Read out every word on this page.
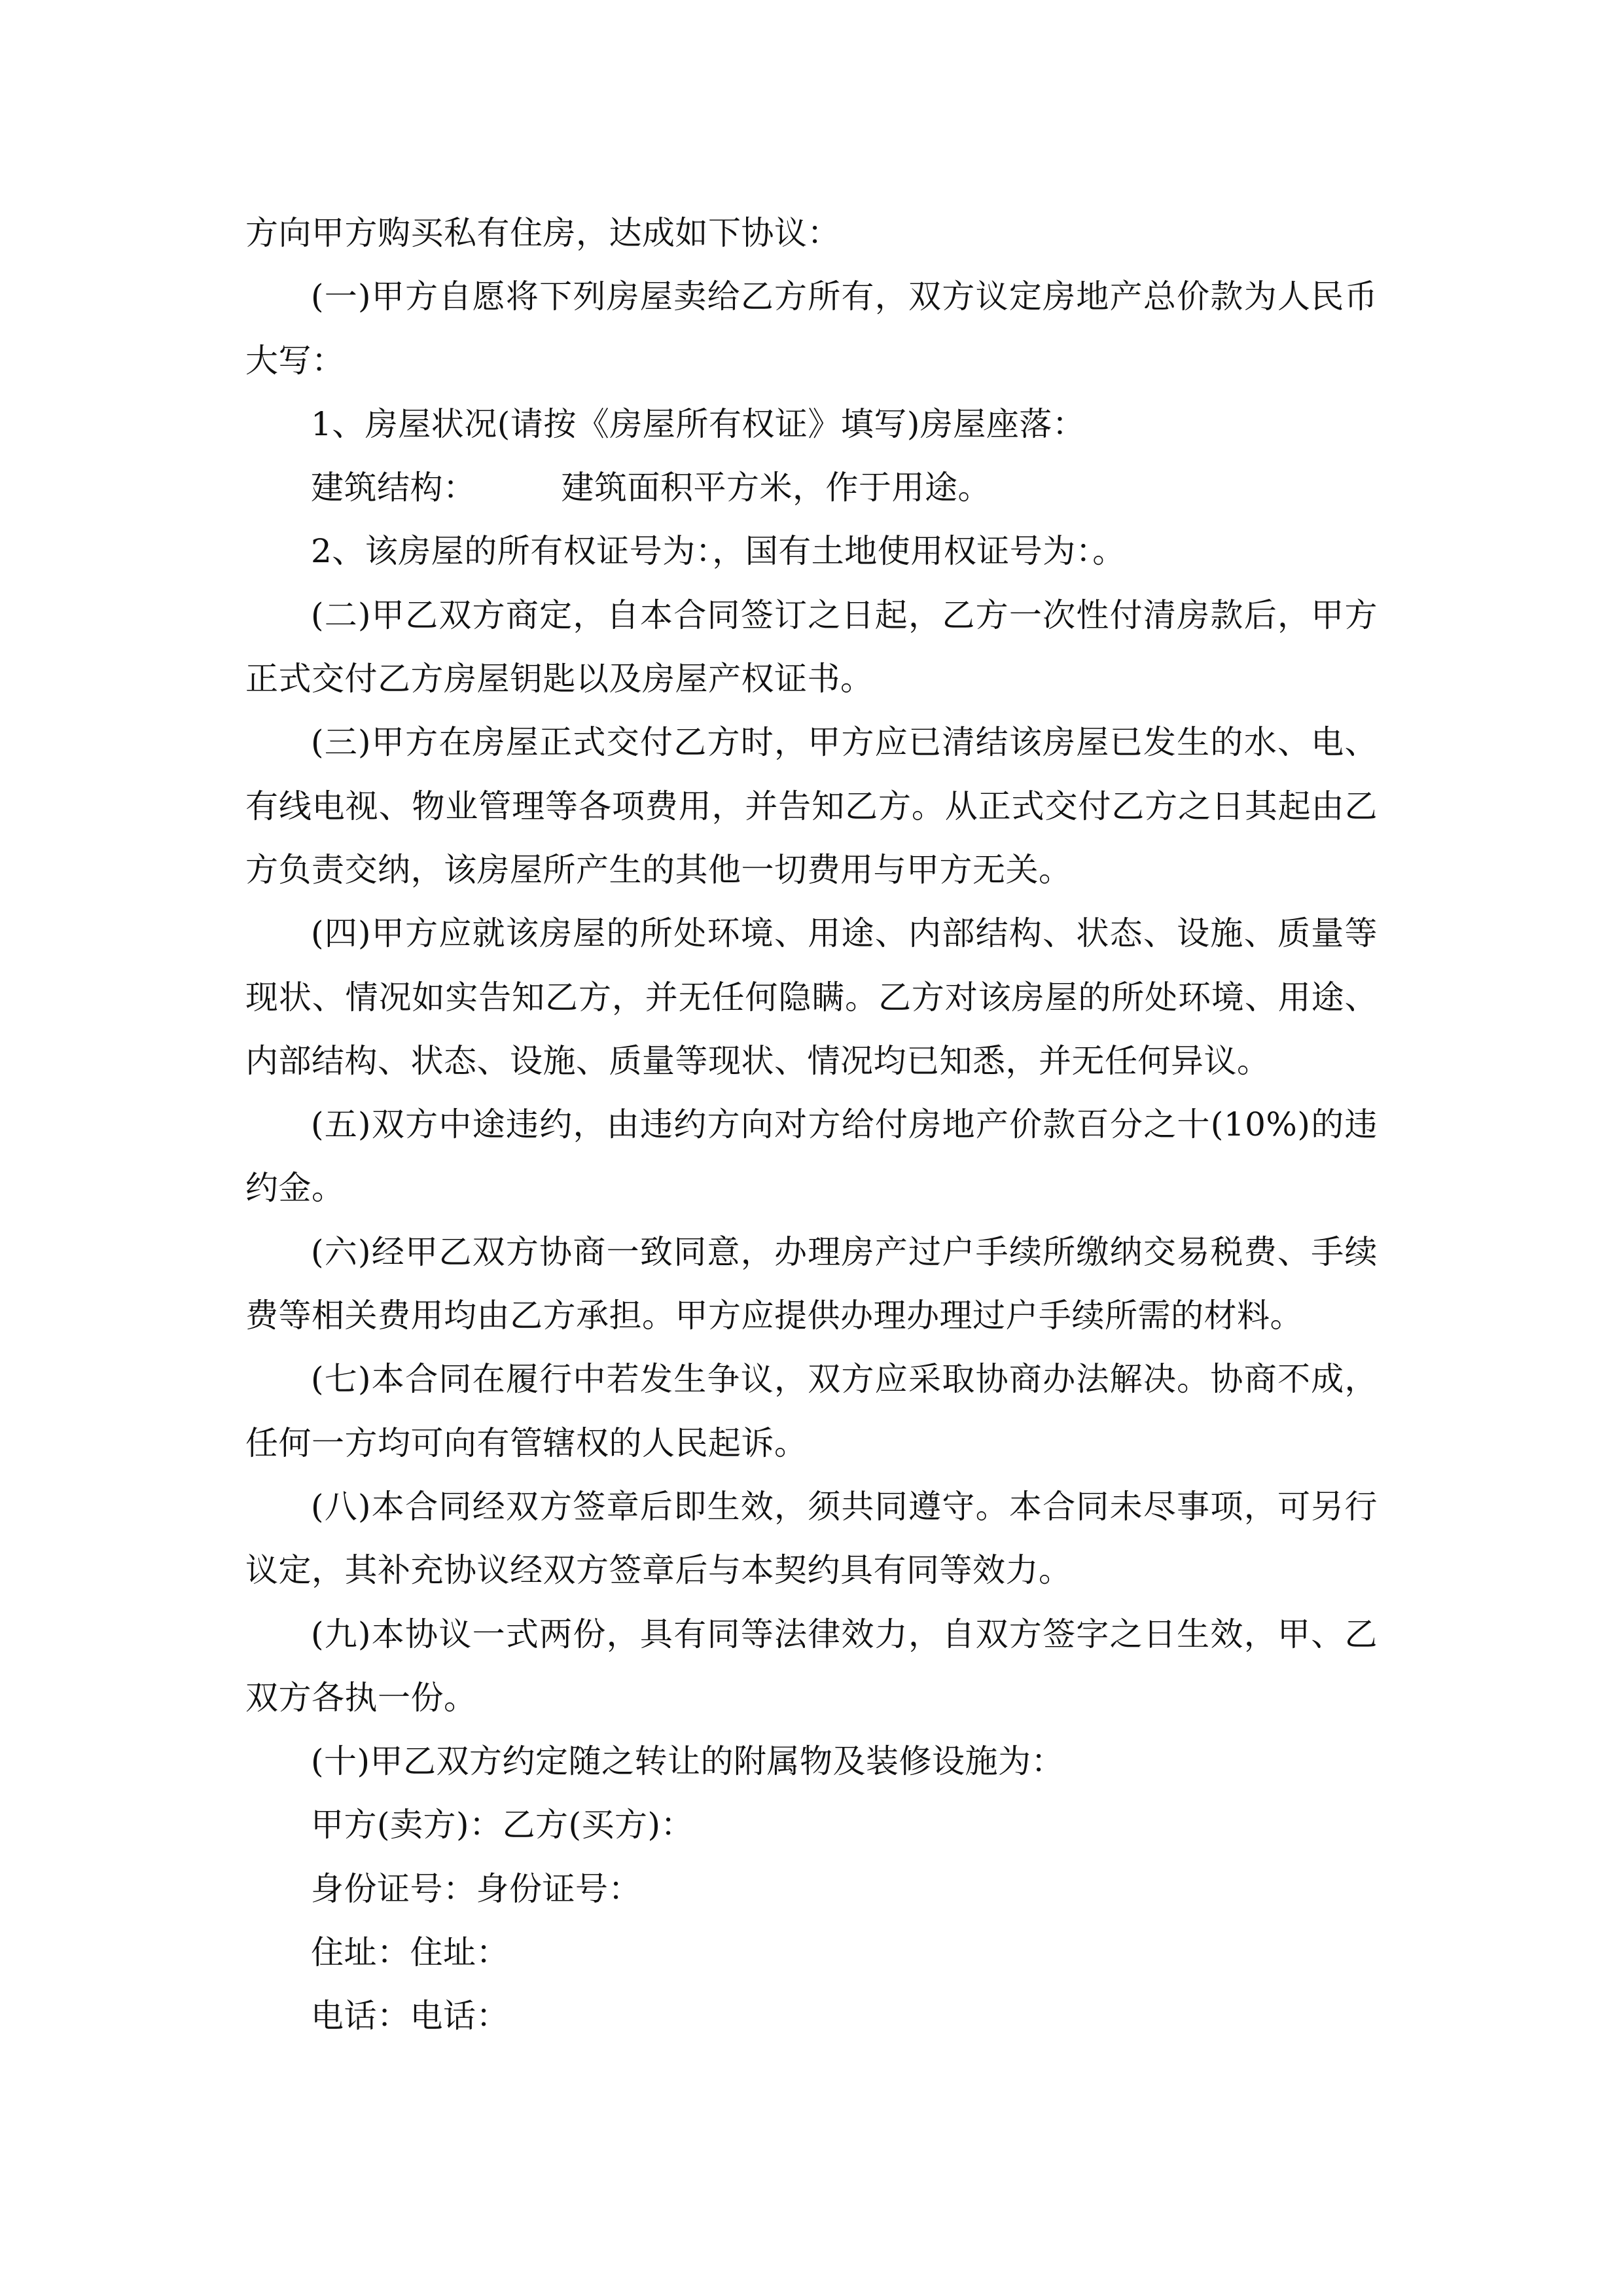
方向甲方购买私有住房，达成如下协议：

(一)甲方自愿将下列房屋卖给乙方所有，双方议定房地产总价款为人民币大写：

1、房屋状况(请按《房屋所有权证》填写)房屋座落：

建筑结构：	建筑面积平方米，作于用途。

2、该房屋的所有权证号为：，国有土地使用权证号为：。

(二)甲乙双方商定，自本合同签订之日起，乙方一次性付清房款后，甲方正式交付乙方房屋钥匙以及房屋产权证书。

(三)甲方在房屋正式交付乙方时，甲方应已清结该房屋已发生的水、电、有线电视、物业管理等各项费用，并告知乙方。从正式交付乙方之日其起由乙方负责交纳，该房屋所产生的其他一切费用与甲方无关。

(四)甲方应就该房屋的所处环境、用途、内部结构、状态、设施、质量等现状、情况如实告知乙方，并无任何隐瞒。乙方对该房屋的所处环境、用途、内部结构、状态、设施、质量等现状、情况均已知悉，并无任何异议。

(五)双方中途违约，由违约方向对方给付房地产价款百分之十(10%)的违约金。

(六)经甲乙双方协商一致同意，办理房产过户手续所缴纳交易税费、手续费等相关费用均由乙方承担。甲方应提供办理办理过户手续所需的材料。

(七)本合同在履行中若发生争议，双方应采取协商办法解决。协商不成，任何一方均可向有管辖权的人民起诉。

(八)本合同经双方签章后即生效，须共同遵守。本合同未尽事项，可另行议定，其补充协议经双方签章后与本契约具有同等效力。

(九)本协议一式两份，具有同等法律效力，自双方签字之日生效，甲、乙双方各执一份。

(十)甲乙双方约定随之转让的附属物及装修设施为：

甲方(卖方)：乙方(买方)：

身份证号：身份证号：

住址：住址：

电话：电话：
